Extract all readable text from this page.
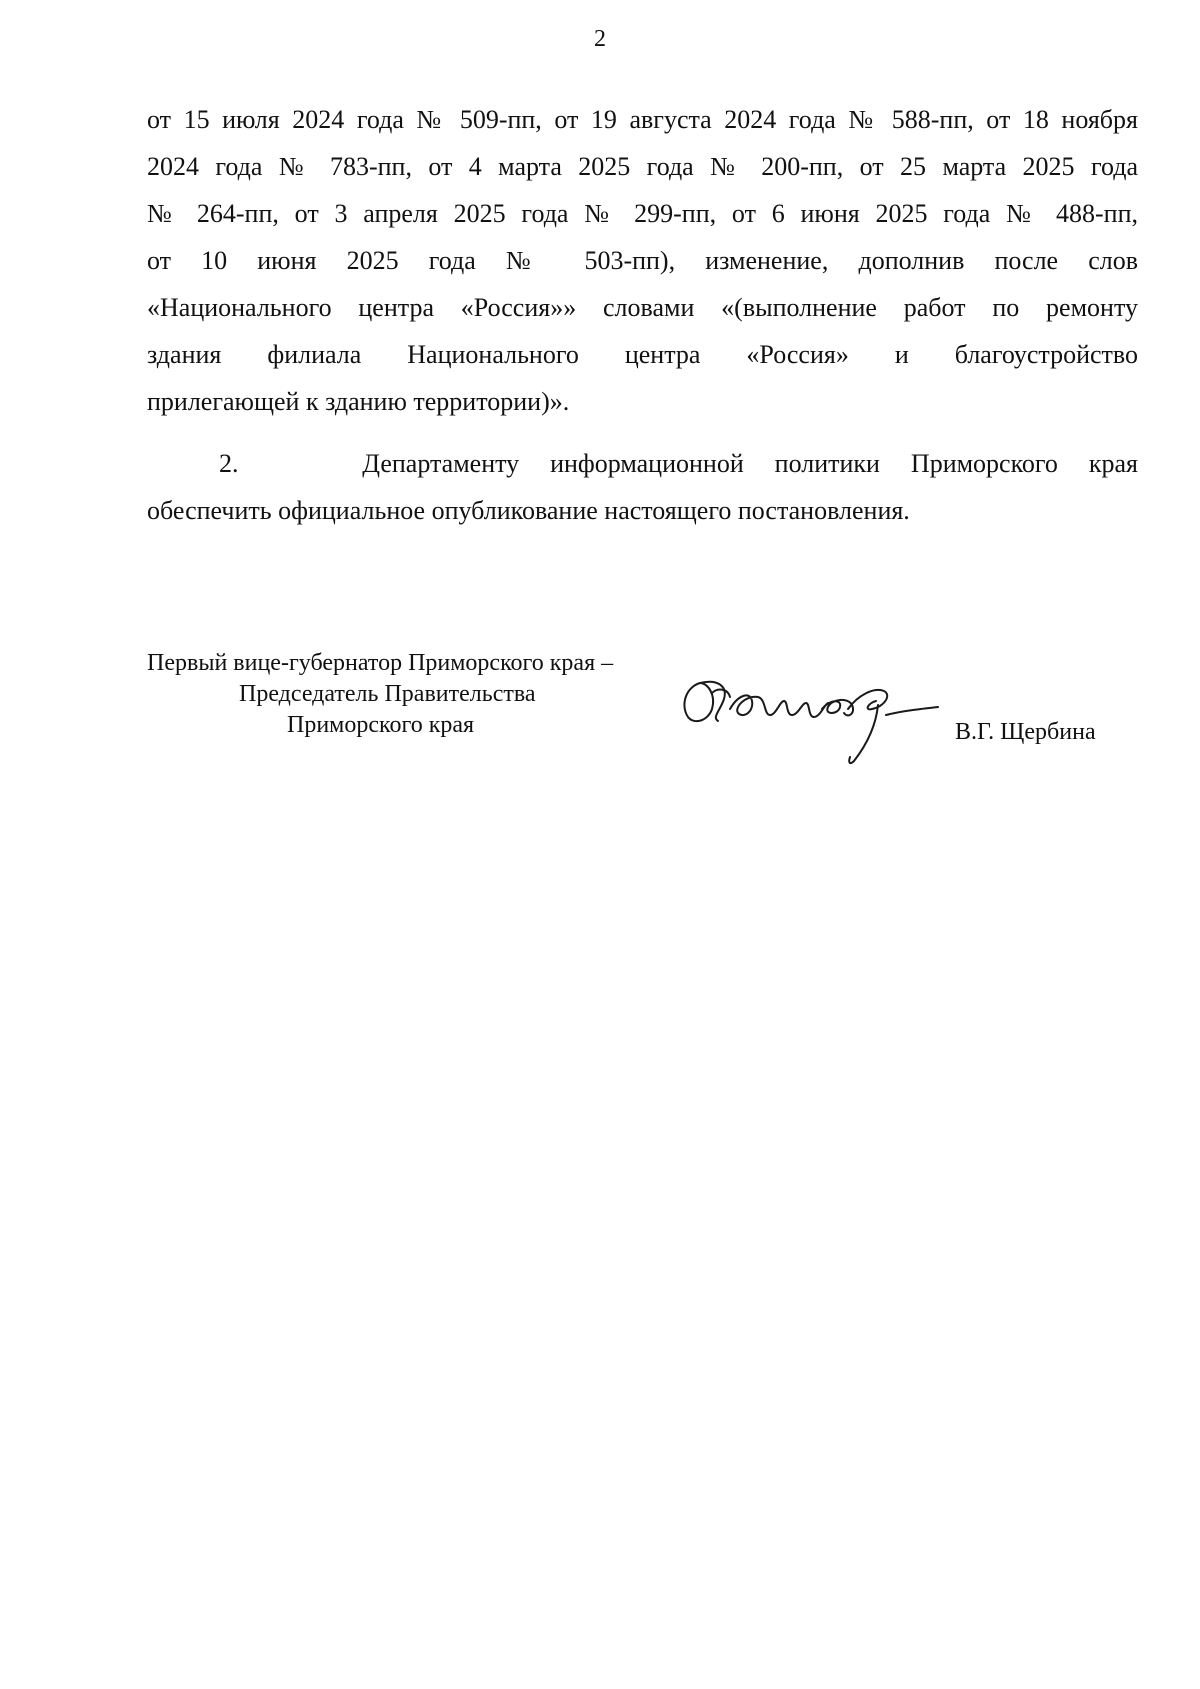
2
от 15 июля 2024 года № 509-пп, от 19 августа 2024 года № 588-пп, от 18 ноября
2024 года № 783-пп, от 4 марта 2025 года № 200-пп, от 25 марта 2025 года
№ 264-пп, от 3 апреля 2025 года № 299-пп, от 6 июня 2025 года № 488-пп,
от 10 июня 2025 года № 503-пп), изменение, дополнив после слов
«Национального центра «Россия»» словами «(выполнение работ по ремонту
здания филиала Национального центра «Россия» и благоустройство
прилегающей к зданию территории)».
2.	Департаменту информационной политики Приморского края
обеспечить официальное опубликование настоящего постановления.
Первый вице-губернатор Приморского края –
Председатель Правительства
Приморского края	В.Г. Щербина
